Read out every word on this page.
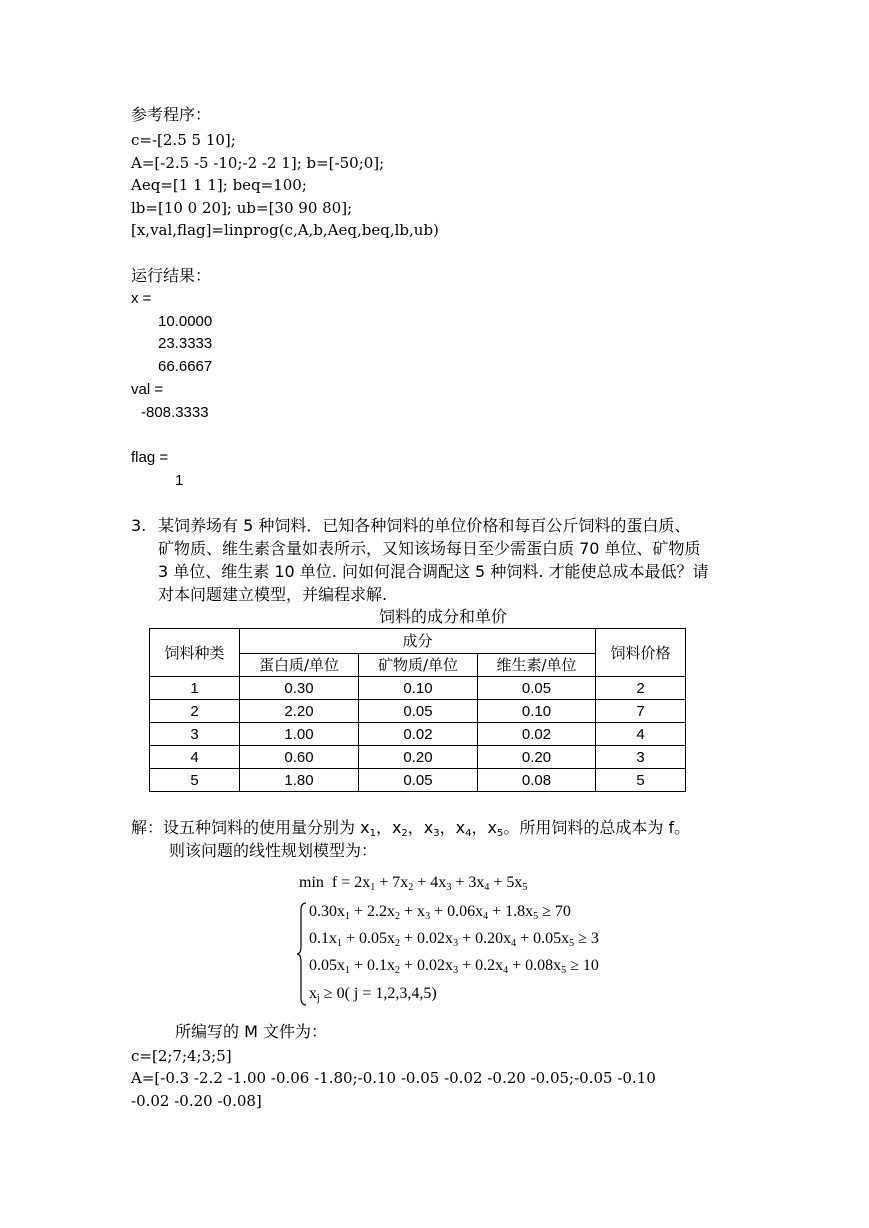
参考程序：
c=-[2.5 5 10];
A=[-2.5 -5 -10;-2 -2 1]; b=[-50;0];
Aeq=[1 1 1]; beq=100;
lb=[10 0 20]; ub=[30 90 80];
[x,val,flag]=linprog(c,A,b,Aeq,beq,lb,ub)
运行结果：
x =
10.0000
23.3333
66.6667
val =
-808.3333
flag =
1
3. 某饲养场有 5 种饲料．已知各种饲料的单位价格和每百公斤饲料的蛋白质、
矿物质、维生素含量如表所示，又知该场每日至少需蛋白质 70 单位、矿物质
3 单位、维生素 10 单位. 问如何混合调配这 5 种饲料. 才能使总成本最低？请
对本问题建立模型，并编程求解.
饲料的成分和单价
饲料种类	成分			饲料价格
	蛋白质/单位	矿物质/单位	维生素/单位	
1	0.30	0.10	0.05	2
2	2.20	0.05	0.10	7
3	1.00	0.02	0.02	4
4	0.60	0.20	0.20	3
5	1.80	0.05	0.08	5
解：设五种饲料的使用量分别为 $x_1$，$x_2$，$x_3$，$x_4$，$x_5$。所用饲料的总成本为 f。
则该问题的线性规划模型为：
$\min f = 2x_1 + 7x_2 + 4x_3 + 3x_4 + 5x_5$
$0.30x_1 + 2.2x_2 + x_3 + 0.06x_4 + 1.8x_5 \ge 70$
$0.1x_1 + 0.05x_2 + 0.02x_3 + 0.20x_4 + 0.05x_5 \ge 3$
$0.05x_1 + 0.1x_2 + 0.02x_3 + 0.2x_4 + 0.08x_5 \ge 10$
$x_j \ge 0$( j = 1,2,3,4,5)
所编写的 M 文件为：
c=[2;7;4;3;5]
A=[-0.3 -2.2 -1.00 -0.06 -1.80;-0.10 -0.05 -0.02 -0.20 -0.05;-0.05 -0.10
-0.02 -0.20 -0.08]
